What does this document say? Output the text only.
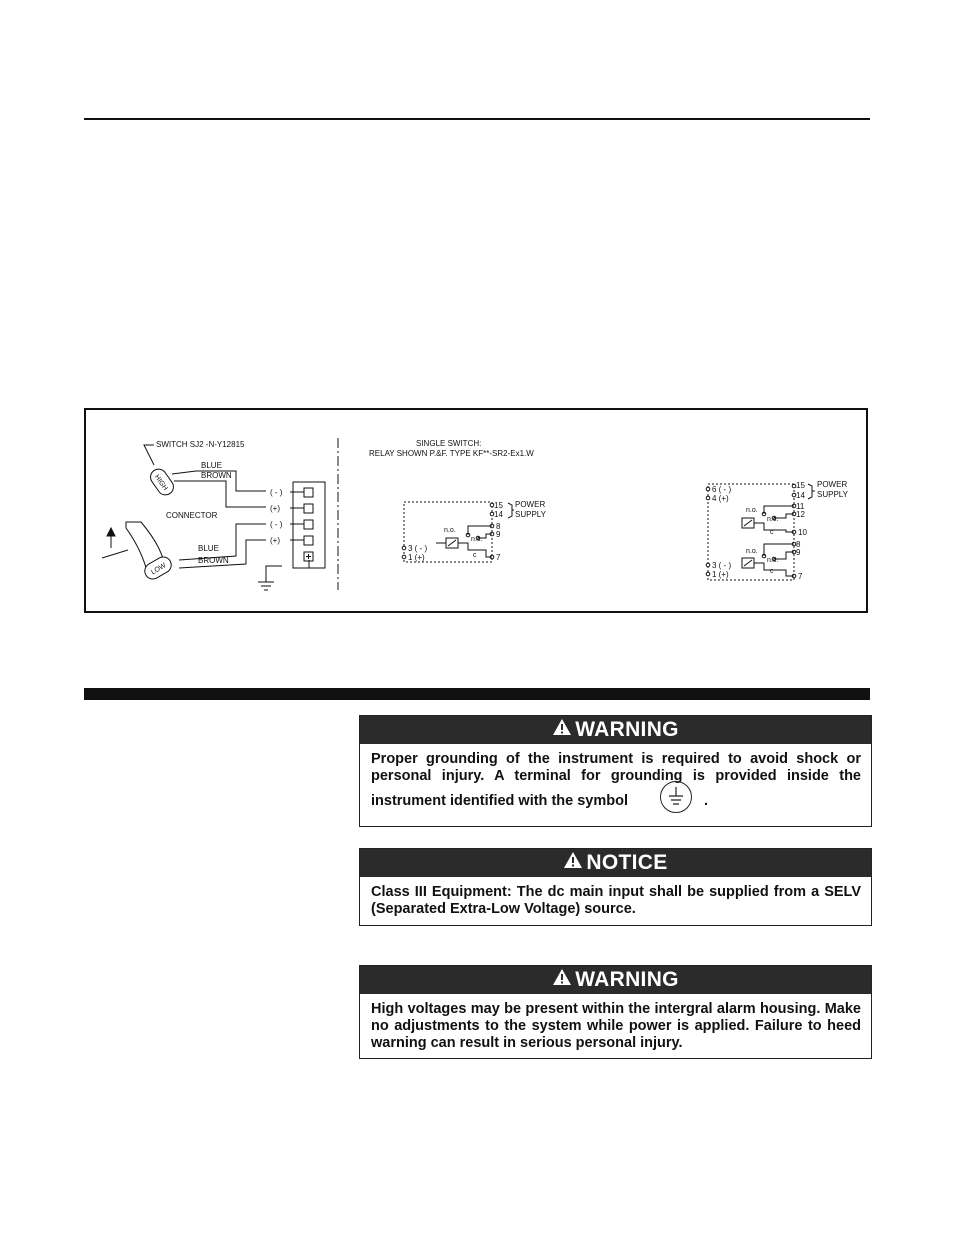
SWITCH SJ2 -N-Y12815
HIGH
BLUE
BROWN
CONNECTOR
( - )
(+)
( - )
(+)
BLUE
BROWN
LOW
SINGLE SWITCH:
RELAY SHOWN P.&F. TYPE KF**-SR2-Ex1.W
15
14
8
9
7
POWER
SUPPLY
3 ( - )
1 (+)
n.o.
n.c.
c
15
14
11
12
10
8
9
7
POWER
SUPPLY
6 ( - )
4 (+)
3 ( - )
1 (+)
n.o.
n.c.
c
n.o.
n.c.
c
WARNING
Proper grounding of the instrument is required to avoid shock or personal injury. A terminal for grounding is provided inside the instrument identified with the symbol	.
NOTICE
Class III Equipment: The dc main input shall be supplied from a SELV (Separated Extra-Low Voltage) source.
WARNING
High voltages may be present within the intergral alarm housing. Make no adjustments to the system while power is applied. Failure to heed warning can result in serious personal injury.
